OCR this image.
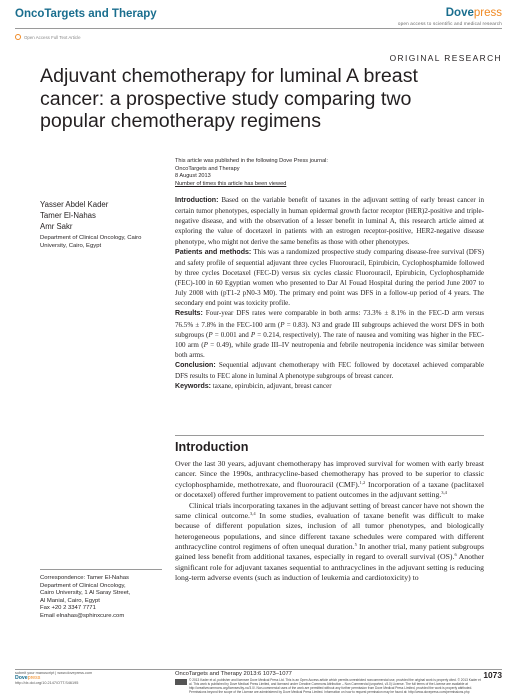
OncoTargets and Therapy	Dovepress
open access to scientific and medical research
Open Access Full Text Article
ORIGINAL RESEARCH
Adjuvant chemotherapy for luminal A breast cancer: a prospective study comparing two popular chemotherapy regimens
This article was published in the following Dove Press journal:
OncoTargets and Therapy
8 August 2013
Number of times this article has been viewed
Yasser Abdel Kader
Tamer El-Nahas
Amr Sakr
Department of Clinical Oncology, Cairo University, Cairo, Egypt

Introduction: Based on the variable benefit of taxanes in the adjuvant setting of early breast cancer in certain tumor phenotypes, especially in human epidermal growth factor receptor (HER)2-positive and triple-negative disease, and with the observation of a lesser benefit in luminal A, this research article aimed at exploring the value of docetaxel in patients with an estrogen receptor-positive, HER2-negative disease phenotype, who might not derive the same benefits as those with other phenotypes.

Patients and methods: This was a randomized prospective study comparing disease-free survival (DFS) and safety profile of sequential adjuvant three cycles Fluorouracil, Epirubicin, Cyclophosphamide followed by three cycles Docetaxel (FEC-D) versus six cycles classic Fluorouracil, Epirubicin, Cyclophosphamide (FEC)-100 in 60 Egyptian women who presented to Dar Al Fouad Hospital during the period June 2007 to July 2008 with (pT1-2 pN0-3 M0). The primary end point was DFS in a follow-up period of 4 years. The secondary end point was toxicity profile.

Results: Four-year DFS rates were comparable in both arms: 73.3% ± 8.1% in the FEC-D arm versus 76.5% ± 7.8% in the FEC-100 arm (P = 0.83). N3 and grade III subgroups achieved the worst DFS in both subgroups (P = 0.001 and P = 0.214, respectively). The rate of nausea and vomiting was higher in the FEC-100 arm (P = 0.49), while grade III–IV neutropenia and febrile neutropenia incidence was similar between both arms.

Conclusion: Sequential adjuvant chemotherapy with FEC followed by docetaxel achieved comparable DFS results to FEC alone in luminal A phenotype subgroups of breast cancer.

Keywords: taxane, epirubicin, adjuvant, breast cancer

Introduction

Over the last 30 years, adjuvant chemotherapy has improved survival for women with early breast cancer. Since the 1990s, anthracycline-based chemotherapy has proved to be superior to classic cyclophosphamide, methotrexate, and fluorouracil (CMF).$^{1,2}$ Incorporation of a taxane (paclitaxel or docetaxel) offered further improvement to patient outcomes in the adjuvant setting.$^{3,4}$

Clinical trials incorporating taxanes in the adjuvant setting of breast cancer have not shown the same clinical outcome.$^{3,4}$ In some studies, evaluation of taxane benefit was difficult to make because of different population sizes, inclusion of all tumor phenotypes, and biologically heterogeneous populations, and since different taxane schedules were compared with different anthracycline control regimens of often unequal duration.$^5$ In another trial, many patient subgroups gained less benefit from additional taxanes, especially in regard to overall survival (OS).$^6$ Another significant role for adjuvant taxanes sequential to anthracyclines in the adjuvant setting is reducing long-term adverse events (such as induction of leukemia and cardiotoxicity) to

Correspondence: Tamer El-Nahas
Department of Clinical Oncology,
Cairo University, 1 Al Saray Street,
Al Manial, Cairo, Egypt
Fax +20 2 3347 7771
Email elnahas@sphinxcure.com
submit your manuscript | www.dovepress.com
Dovepress
http://dx.doi.org/10.2147/OTT.S46195
OncoTargets and Therapy 2013:6 1073–1077	1073
© 2013 Kader et al, publisher and licensee Dove Medical Press Ltd. This is an Open Access article which permits unrestricted noncommercial use, provided the original work is properly cited. © 2013 Kader et al. This work is published by Dove Medical Press Limited, and licensed under Creative Commons Attribution – Non Commercial (unported, v3.0) License. The full terms of the License are available at http://creativecommons.org/licenses/by-nc/3.0/. Non-commercial uses of the work are permitted without any further permission from Dove Medical Press Limited, provided the work is properly attributed. Permissions beyond the scope of the License are administered by Dove Medical Press Limited. Information on how to request permission may be found at: http://www.dovepress.com/permissions.php
